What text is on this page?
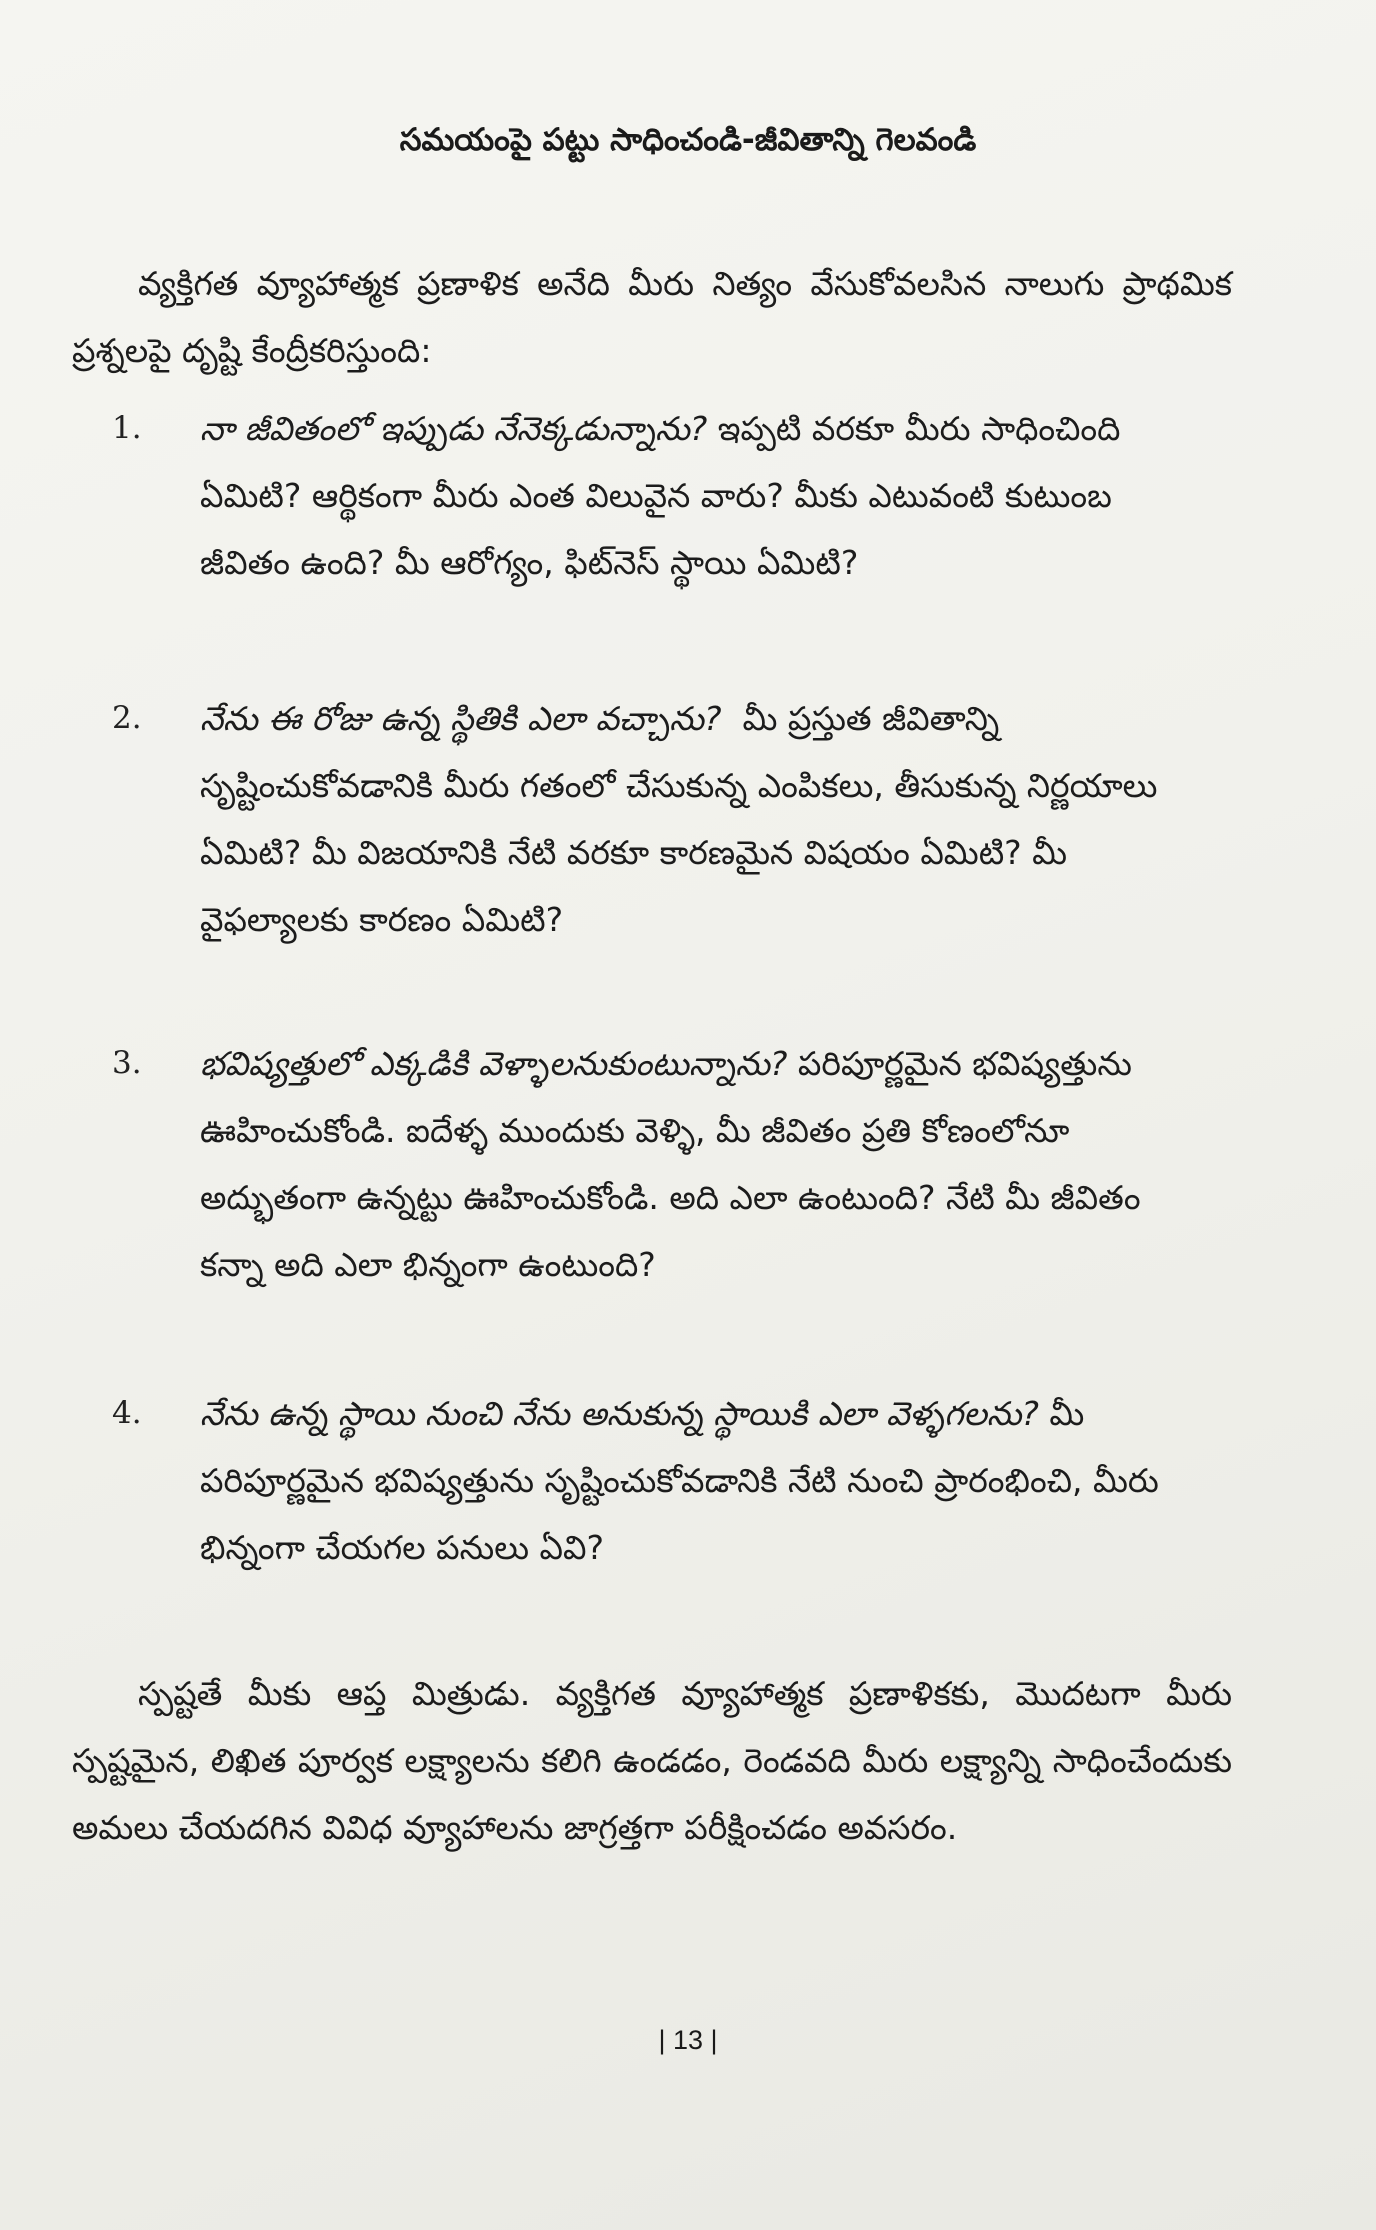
సమయంపై పట్టు సాధించండి-జీవితాన్ని గెలవండి
వ్యక్తిగత వ్యూహాత్మక ప్రణాళిక అనేది మీరు నిత్యం వేసుకోవలసిన నాలుగు ప్రాథమిక ప్రశ్నలపై దృష్టి కేంద్రీకరిస్తుంది:
1. నా జీవితంలో ఇప్పుడు నేనెక్కడున్నాను? ఇప్పటి వరకూ మీరు సాధించింది ఏమిటి? ఆర్థికంగా మీరు ఎంత విలువైన వారు? మీకు ఎటువంటి కుటుంబ జీవితం ఉంది? మీ ఆరోగ్యం, ఫిట్‌నెస్ స్థాయి ఏమిటి?
2. నేను ఈ రోజు ఉన్న స్థితికి ఎలా వచ్చాను?  మీ ప్రస్తుత జీవితాన్ని సృష్టించుకోవడానికి మీరు గతంలో చేసుకున్న ఎంపికలు, తీసుకున్న నిర్ణయాలు ఏమిటి? మీ విజయానికి నేటి వరకూ కారణమైన విషయం ఏమిటి? మీ వైఫల్యాలకు కారణం ఏమిటి?
3. భవిష్యత్తులో ఎక్కడికి వెళ్ళాలనుకుంటున్నాను? పరిపూర్ణమైన భవిష్యత్తును ఊహించుకోండి. ఐదేళ్ళ ముందుకు వెళ్ళి, మీ జీవితం ప్రతి కోణంలోనూ అద్భుతంగా ఉన్నట్టు ఊహించుకోండి. అది ఎలా ఉంటుంది? నేటి మీ జీవితం కన్నా అది ఎలా భిన్నంగా ఉంటుంది?
4. నేను ఉన్న స్థాయి నుంచి నేను అనుకున్న స్థాయికి ఎలా వెళ్ళగలను? మీ పరిపూర్ణమైన భవిష్యత్తును సృష్టించుకోవడానికి నేటి నుంచి ప్రారంభించి, మీరు భిన్నంగా చేయగల పనులు ఏవి?
స్పష్టతే మీకు ఆప్త మిత్రుడు. వ్యక్తిగత వ్యూహాత్మక ప్రణాళికకు, మొదటగా మీరు స్పష్టమైన, లిఖిత పూర్వక లక్ష్యాలను కలిగి ఉండడం, రెండవది మీరు లక్ష్యాన్ని సాధించేందుకు అమలు చేయదగిన వివిధ వ్యూహాలను జాగ్రత్తగా పరీక్షించడం అవసరం.
| 13 |
